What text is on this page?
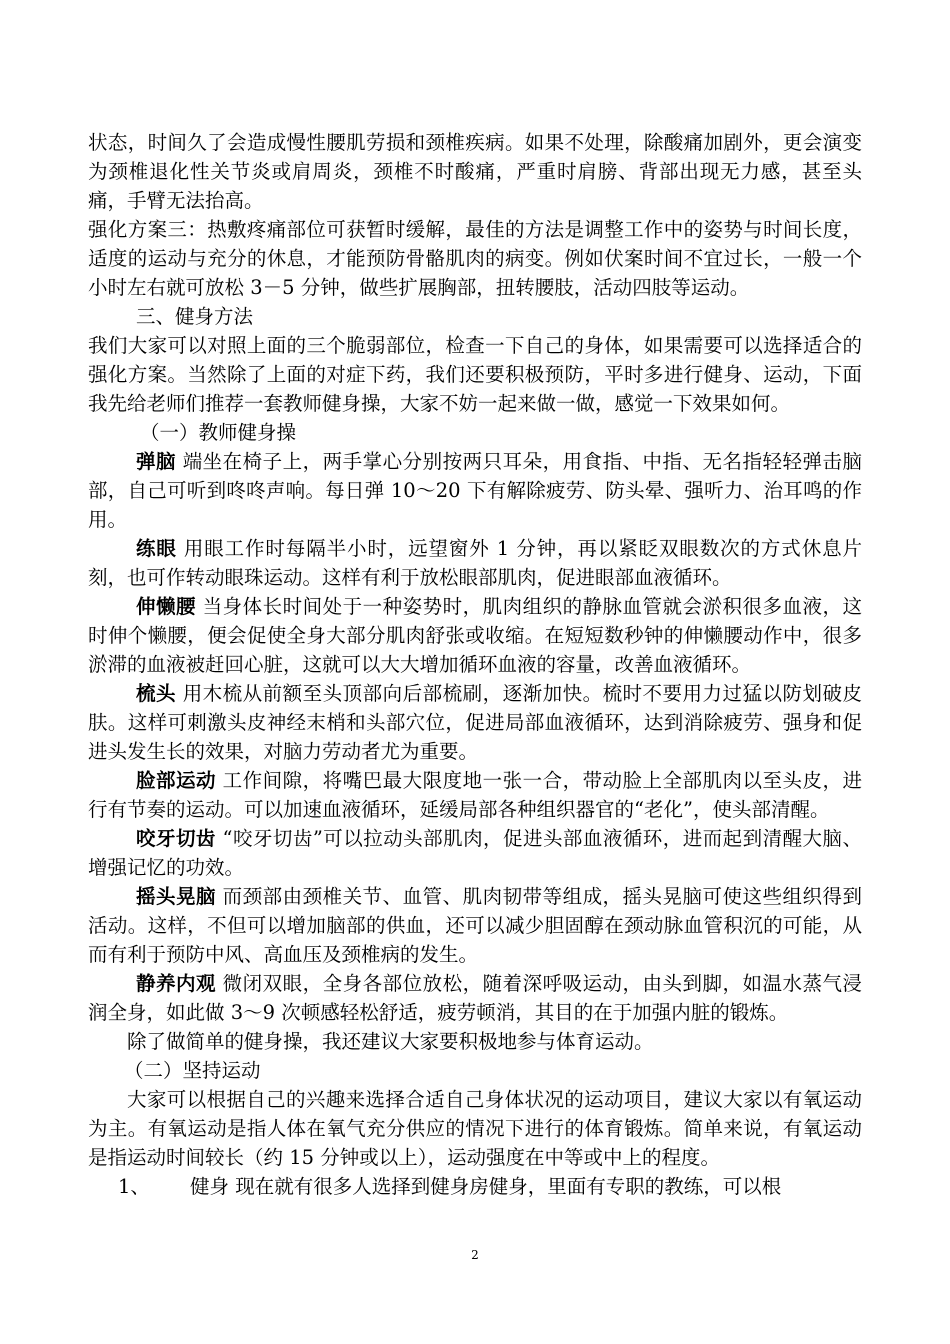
状态，时间久了会造成慢性腰肌劳损和颈椎疾病。如果不处理，除酸痛加剧外，更会演变为颈椎退化性关节炎或肩周炎，颈椎不时酸痛，严重时肩膀、背部出现无力感，甚至头痛，手臂无法抬高。

强化方案三：热敷疼痛部位可获暂时缓解，最佳的方法是调整工作中的姿势与时间长度，适度的运动与充分的休息，才能预防骨骼肌肉的病变。例如伏案时间不宜过长，一般一个小时左右就可放松 3－5 分钟，做些扩展胸部，扭转腰肢，活动四肢等运动。

三、健身方法

我们大家可以对照上面的三个脆弱部位，检查一下自己的身体，如果需要可以选择适合的强化方案。当然除了上面的对症下药，我们还要积极预防，平时多进行健身、运动，下面我先给老师们推荐一套教师健身操，大家不妨一起来做一做，感觉一下效果如何。

（一）教师健身操

弹脑 端坐在椅子上，两手掌心分别按两只耳朵，用食指、中指、无名指轻轻弹击脑部，自己可听到咚咚声响。每日弹 10～20 下有解除疲劳、防头晕、强听力、治耳鸣的作用。

练眼 用眼工作时每隔半小时，远望窗外 1 分钟，再以紧眨双眼数次的方式休息片刻，也可作转动眼珠运动。这样有利于放松眼部肌肉，促进眼部血液循环。

伸懒腰 当身体长时间处于一种姿势时，肌肉组织的静脉血管就会淤积很多血液，这时伸个懒腰，便会促使全身大部分肌肉舒张或收缩。在短短数秒钟的伸懒腰动作中，很多淤滞的血液被赶回心脏，这就可以大大增加循环血液的容量，改善血液循环。

梳头 用木梳从前额至头顶部向后部梳刷，逐渐加快。梳时不要用力过猛以防划破皮肤。这样可刺激头皮神经末梢和头部穴位，促进局部血液循环，达到消除疲劳、强身和促进头发生长的效果，对脑力劳动者尤为重要。

脸部运动 工作间隙，将嘴巴最大限度地一张一合，带动脸上全部肌肉以至头皮，进行有节奏的运动。可以加速血液循环，延缓局部各种组织器官的“老化”，使头部清醒。

咬牙切齿 “咬牙切齿”可以拉动头部肌肉，促进头部血液循环，进而起到清醒大脑、增强记忆的功效。

摇头晃脑 而颈部由颈椎关节、血管、肌肉韧带等组成，摇头晃脑可使这些组织得到活动。这样，不但可以增加脑部的供血，还可以减少胆固醇在颈动脉血管积沉的可能，从而有利于预防中风、高血压及颈椎病的发生。

静养内观 微闭双眼，全身各部位放松，随着深呼吸运动，由头到脚，如温水蒸气浸润全身，如此做 3～9 次顿感轻松舒适，疲劳顿消，其目的在于加强内脏的锻炼。

除了做简单的健身操，我还建议大家要积极地参与体育运动。

（二）坚持运动

大家可以根据自己的兴趣来选择合适自己身体状况的运动项目，建议大家以有氧运动为主。有氧运动是指人体在氧气充分供应的情况下进行的体育锻炼。简单来说，有氧运动是指运动时间较长（约 15 分钟或以上），运动强度在中等或中上的程度。

1、	健身 现在就有很多人选择到健身房健身，里面有专职的教练，可以根
2
